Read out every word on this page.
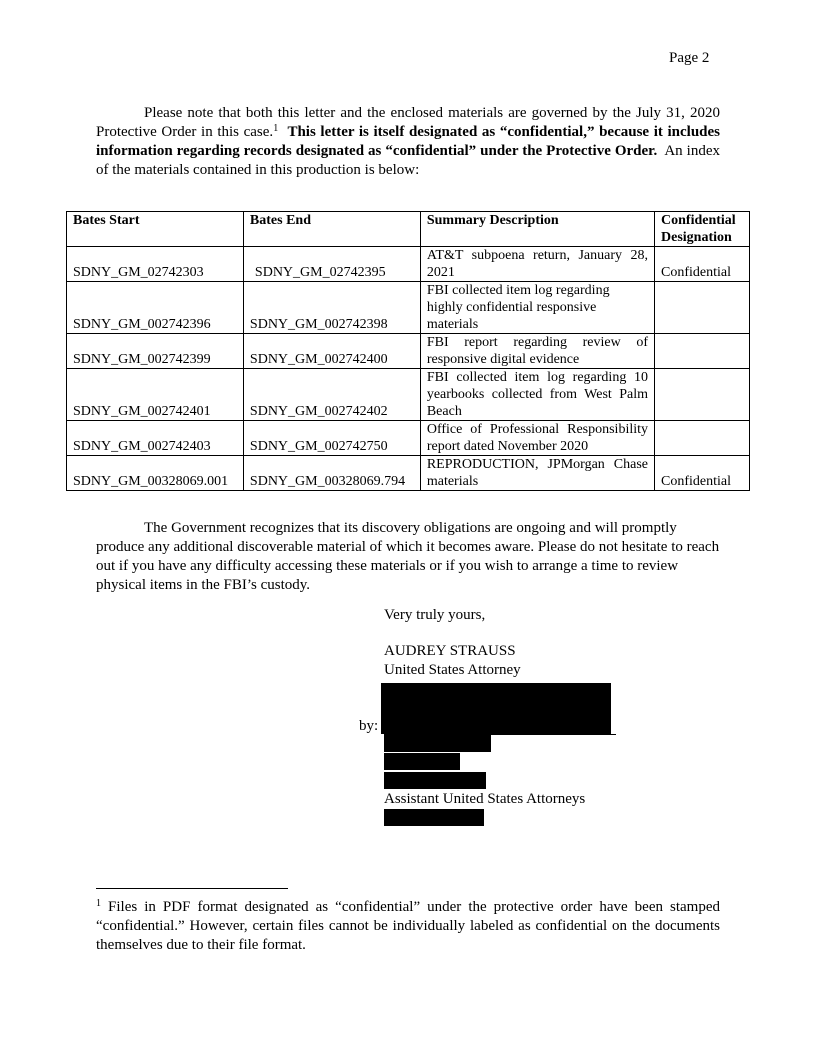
Page 2
Please note that both this letter and the enclosed materials are governed by the July 31, 2020 Protective Order in this case.$^1$ This letter is itself designated as “confidential,” because it includes information regarding records designated as “confidential” under the Protective Order. An index of the materials contained in this production is below:
Bates Start	Bates End	Summary Description	Confidential Designation
SDNY_GM_02742303	SDNY_GM_02742395	AT&T subpoena return, January 28, 2021	Confidential
SDNY_GM_002742396	SDNY_GM_002742398	FBI collected item log regarding highly confidential responsive materials	
SDNY_GM_002742399	SDNY_GM_002742400	FBI report regarding review of responsive digital evidence	
SDNY_GM_002742401	SDNY_GM_002742402	FBI collected item log regarding 10 yearbooks collected from West Palm Beach	
SDNY_GM_002742403	SDNY_GM_002742750	Office of Professional Responsibility report dated November 2020	
SDNY_GM_00328069.001	SDNY_GM_00328069.794	REPRODUCTION, JPMorgan Chase materials	Confidential
The Government recognizes that its discovery obligations are ongoing and will promptly produce any additional discoverable material of which it becomes aware. Please do not hesitate to reach out if you have any difficulty accessing these materials or if you wish to arrange a time to review physical items in the FBI’s custody.
Very truly yours,
AUDREY STRAUSS
United States Attorney
by:
Assistant United States Attorneys
$^1$ Files in PDF format designated as “confidential” under the protective order have been stamped “confidential.” However, certain files cannot be individually labeled as confidential on the documents themselves due to their file format.
